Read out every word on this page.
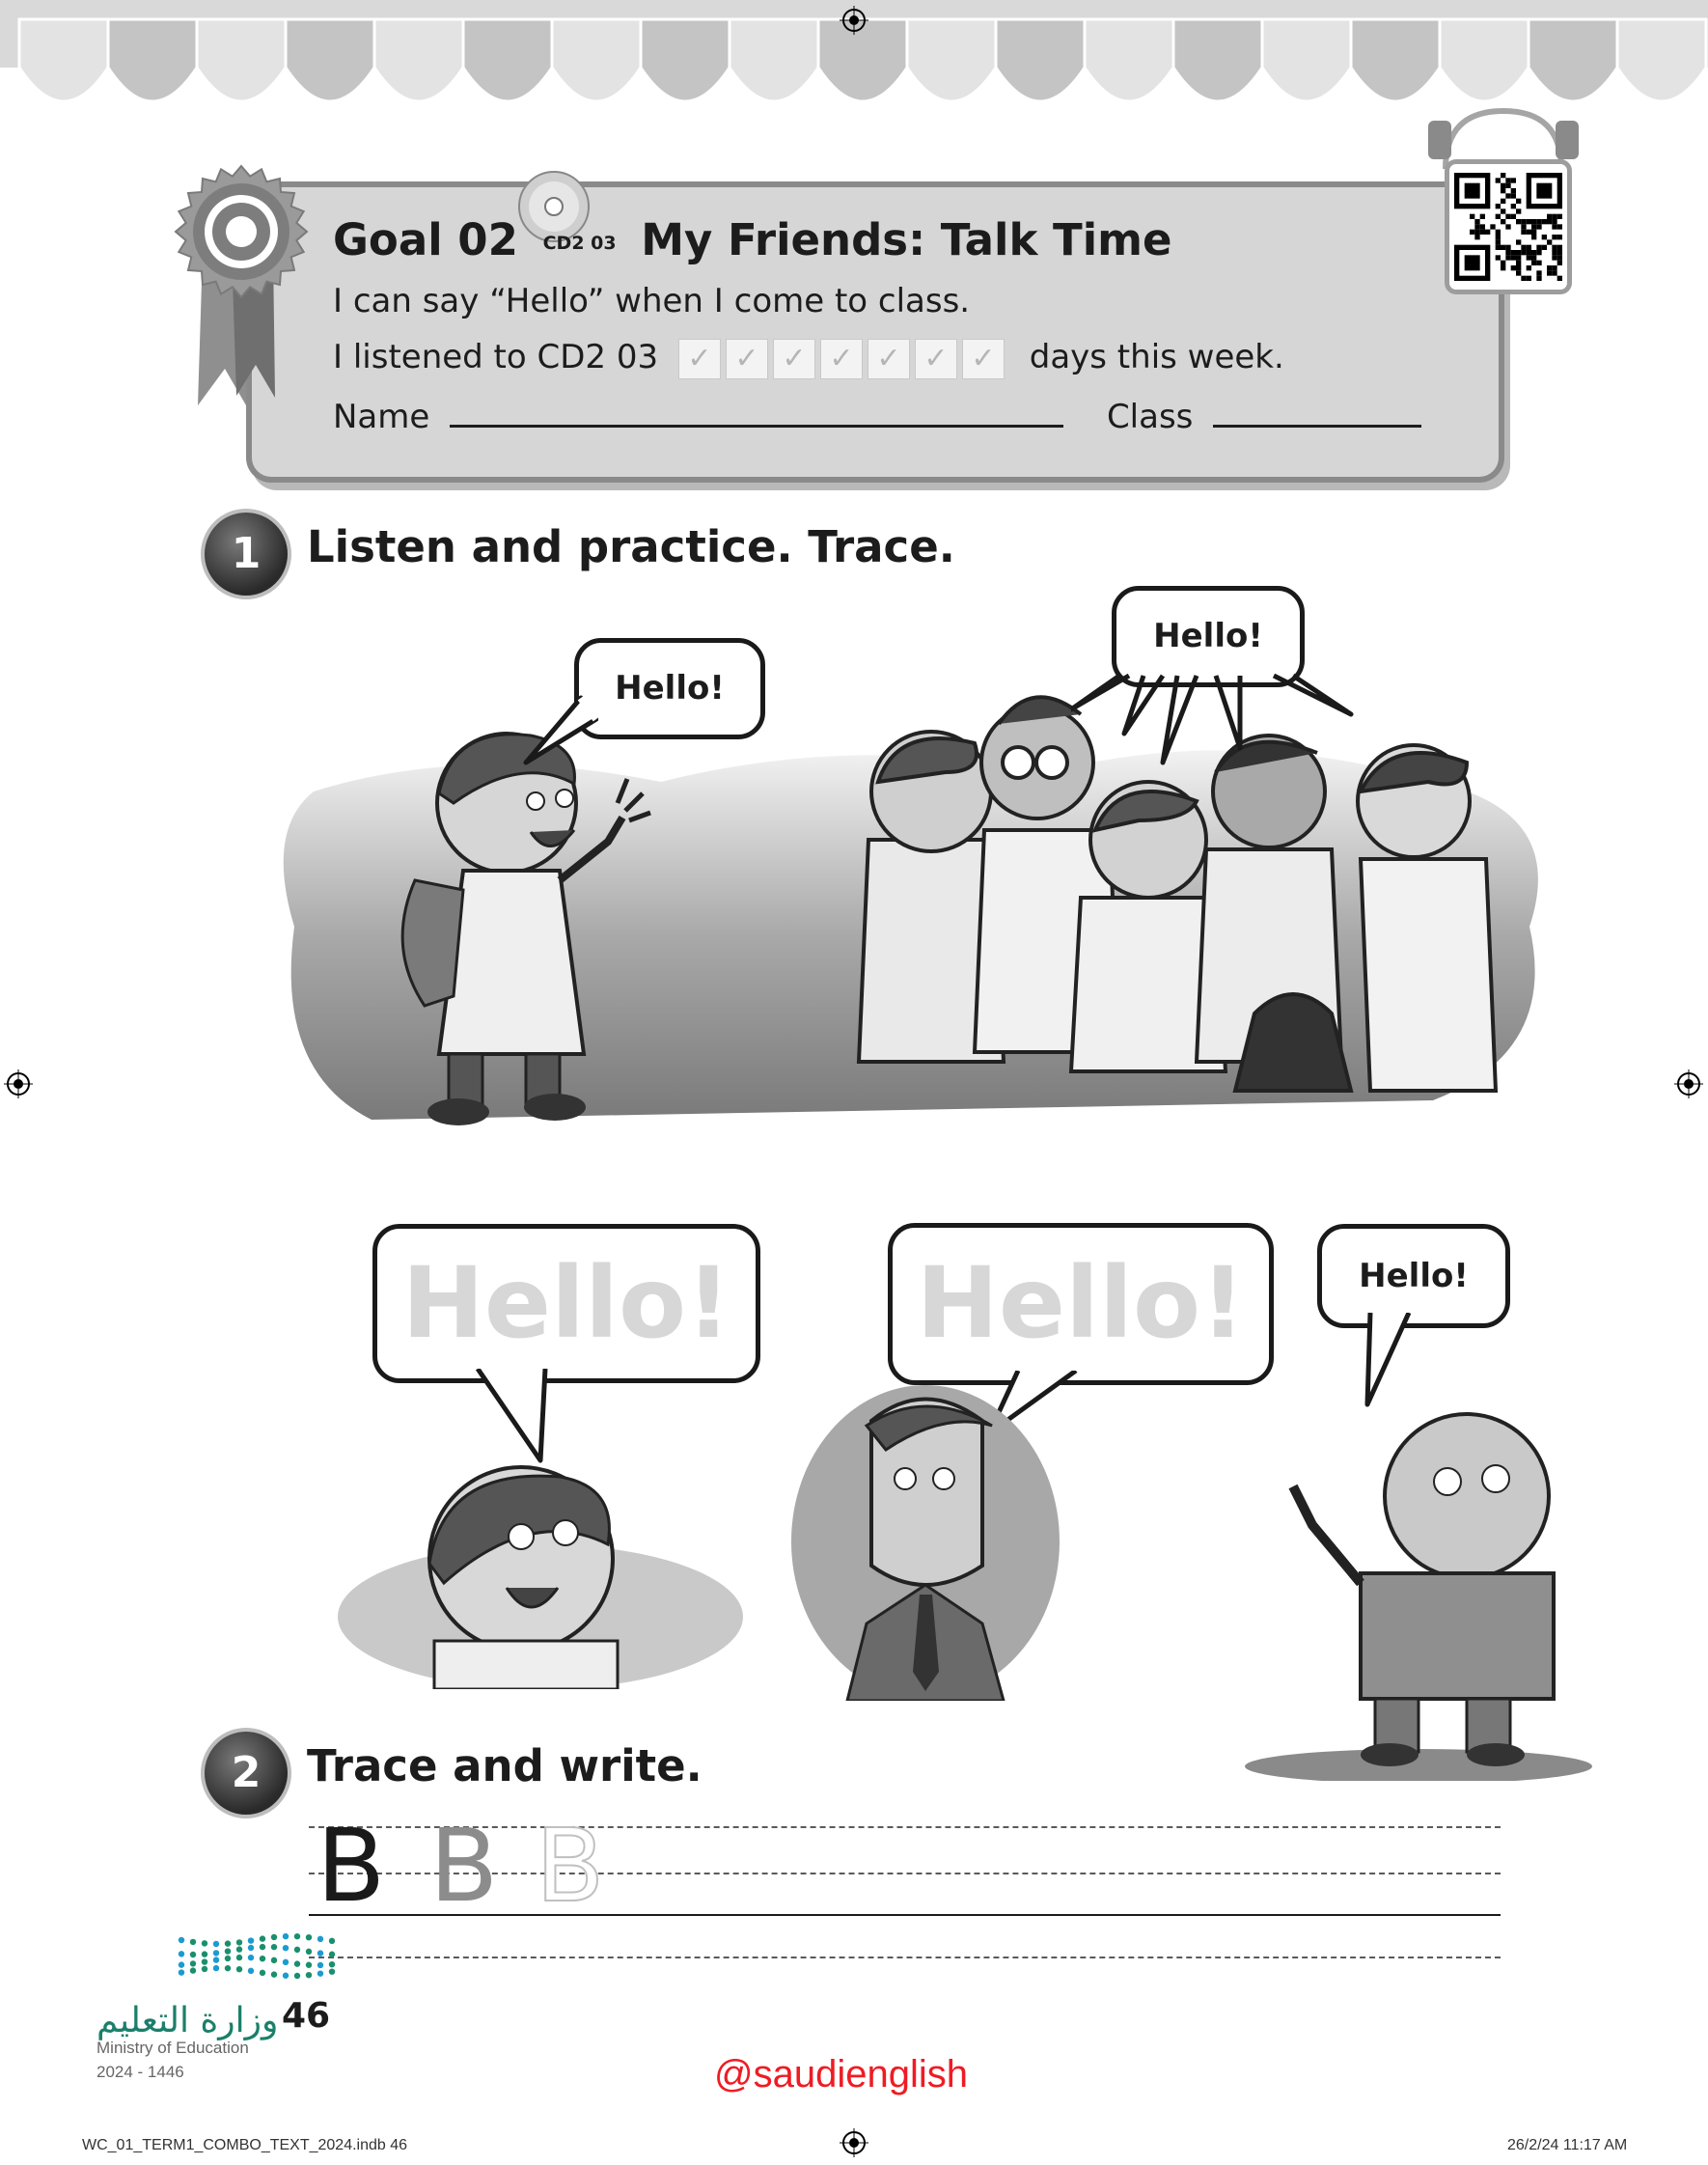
Goal 02 CD2 03 My Friends: Talk Time
I can say “Hello” when I come to class.
I listened to CD2 03 ✓ ✓ ✓ ✓ ✓ ✓ ✓ days this week.
Name	Class
1	Listen and practice. Trace.
Hello!
Hello!
Hello! Hello!	Hello!
2	Trace and write.
B B B
وزارة التعليم
Ministry of Education
2024 - 1446
46
@saudienglish
WC_01_TERM1_COMBO_TEXT_2024.indb 46	26/2/24 11:17 AM
